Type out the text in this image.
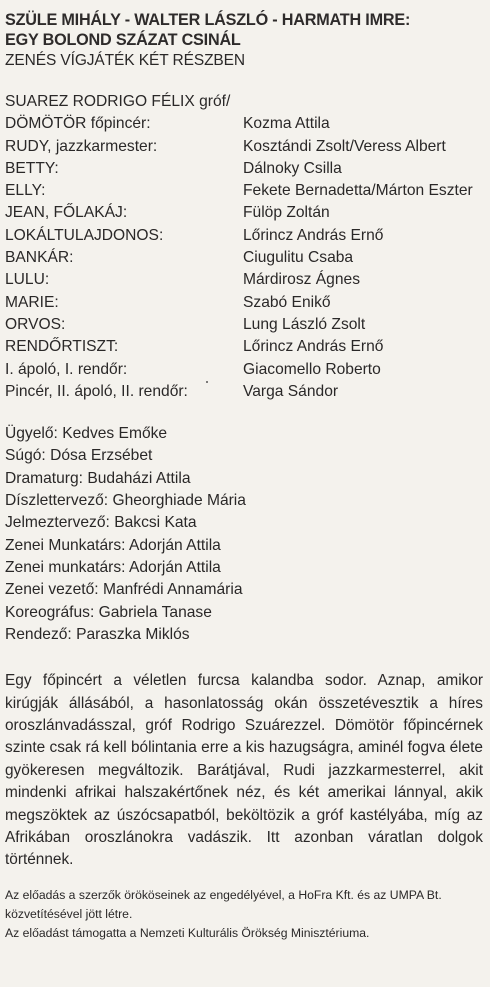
SZÜLE MIHÁLY - WALTER LÁSZLÓ - HARMATH IMRE:
EGY BOLOND SZÁZAT CSINÁL
ZENÉS VÍGJÁTÉK KÉT RÉSZBEN
SUAREZ RODRIGO FÉLIX gróf/
DÖMÖTÖR főpincér:	Kozma Attila
RUDY, jazzkarmester:	Kosztándi Zsolt/Veress Albert
BETTY:	Dálnoky Csilla
ELLY:	Fekete Bernadetta/Márton Eszter
JEAN, FŐLAKÁJ:	Fülöp Zoltán
LOKÁLTULAJDONOS:	Lőrincz András Ernő
BANKÁR:	Ciugulitu Csaba
LULU:	Márdirosz Ágnes
MARIE:	Szabó Enikő
ORVOS:	Lung László Zsolt
RENDŐRTISZT:	Lőrincz András Ernő
I. ápoló, I. rendőr:	Giacomello Roberto
Pincér, II. ápoló, II. rendőr:	Varga Sándor
Ügyelő: Kedves Emőke
Súgó: Dósa Erzsébet
Dramaturg: Budaházi Attila
Díszlettervező: Gheorghiade Mária
Jelmeztervező: Bakcsi Kata
Zenei Munkatárs: Adorján Attila
Zenei munkatárs: Adorján Attila
Zenei vezető: Manfrédi Annamária
Koreográfus: Gabriela Tanase
Rendező: Paraszka Miklós
Egy főpincért a véletlen furcsa kalandba sodor. Aznap, amikor kirúgják állásából, a hasonlatosság okán összetévesztik a híres oroszlánvadásszal, gróf Rodrigo Szuárezzel. Dömötör főpincérnek szinte csak rá kell bólintania erre a kis hazugságra, aminél fogva élete gyökeresen megváltozik. Barátjával, Rudi jazzkarmesterrel, akit mindenki afrikai halszakértőnek néz, és két amerikai lánnyal, akik megszöktek az úszócsapatból, beköltözik a gróf kastélyába, míg az Afrikában oroszlánokra vadászik. Itt azonban váratlan dolgok történnek.
Az előadás a szerzők örököseinek az engedélyével, a HoFra Kft. és az UMPA Bt. közvetítésével jött létre.
Az előadást támogatta a Nemzeti Kulturális Örökség Minisztériuma.
